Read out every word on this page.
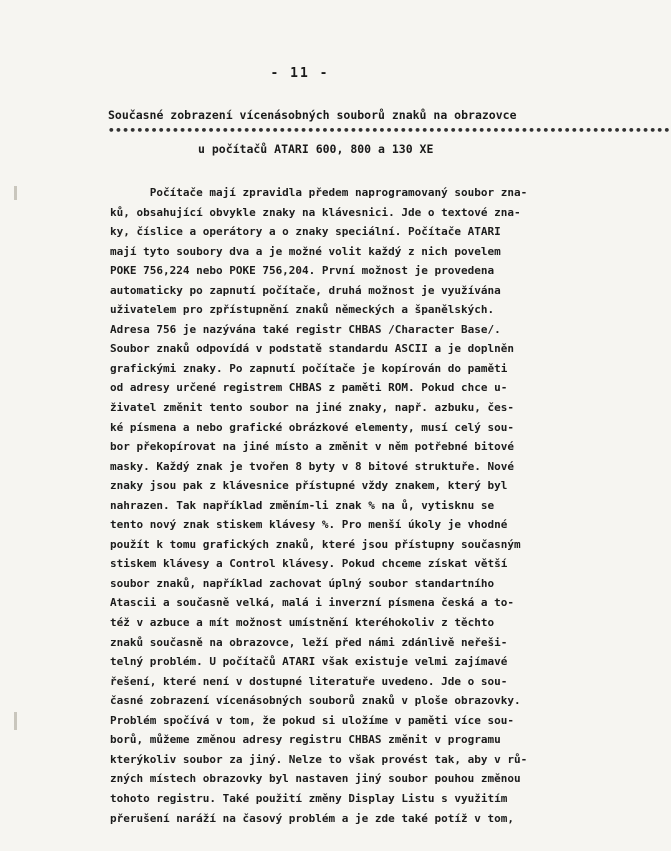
- 11 -
Současné zobrazení vícenásobných souborů znaků na obrazovce
•••••••••••••••••••••••••••••••••••••••••••••••••••••••••••••••••••••••••••••••
u počítačů ATARI 600, 800 a 130 XE
Počítače mají zpravidla předem naprogramovaný soubor zna-
ků, obsahující obvykle znaky na klávesnici. Jde o textové zna-
ky, číslice a operátory a o znaky speciální. Počítače ATARI
mají tyto soubory dva a je možné volit každý z nich povelem
POKE 756,224 nebo POKE 756,204. První možnost je provedena
automaticky po zapnutí počítače, druhá možnost je využívána
uživatelem pro zpřístupnění znaků německých a španělských.
Adresa 756 je nazývána také registr CHBAS /Character Base/.
Soubor znaků odpovídá v podstatě standardu ASCII a je doplněn
grafickými znaky. Po zapnutí počítače je kopírován do paměti
od adresy určené registrem CHBAS z paměti ROM. Pokud chce u-
živatel změnit tento soubor na jiné znaky, např. azbuku, čes-
ké písmena a nebo grafické obrázkové elementy, musí celý sou-
bor překopírovat na jiné místo a změnit v něm potřebné bitové
masky. Každý znak je tvořen 8 byty v 8 bitové struktuře. Nové
znaky jsou pak z klávesnice přístupné vždy znakem, který byl
nahrazen. Tak například změním-li znak % na ů, vytisknu se
tento nový znak stiskem klávesy %. Pro menší úkoly je vhodné
použít k tomu grafických znaků, které jsou přístupny současným
stiskem klávesy a Control klávesy. Pokud chceme získat větší
soubor znaků, například zachovat úplný soubor standartního
Atascii a současně velká, malá i inverzní písmena česká a to-
též v azbuce a mít možnost umístnění kteréhokoliv z těchto
znaků současně na obrazovce, leží před námi zdánlivě neřeši-
telný problém. U počítačů ATARI však existuje velmi zajímavé
řešení, které není v dostupné literatuře uvedeno. Jde o sou-
časné zobrazení vícenásobných souborů znaků v ploše obrazovky.
Problém spočívá v tom, že pokud si uložíme v paměti více sou-
borů, můžeme změnou adresy registru CHBAS změnit v programu
kterýkoliv soubor za jiný. Nelze to však provést tak, aby v rů-
zných místech obrazovky byl nastaven jiný soubor pouhou změnou
tohoto registru. Také použití změny Display Listu s využitím
přerušení naráží na časový problém a je zde také potíž v tom,
